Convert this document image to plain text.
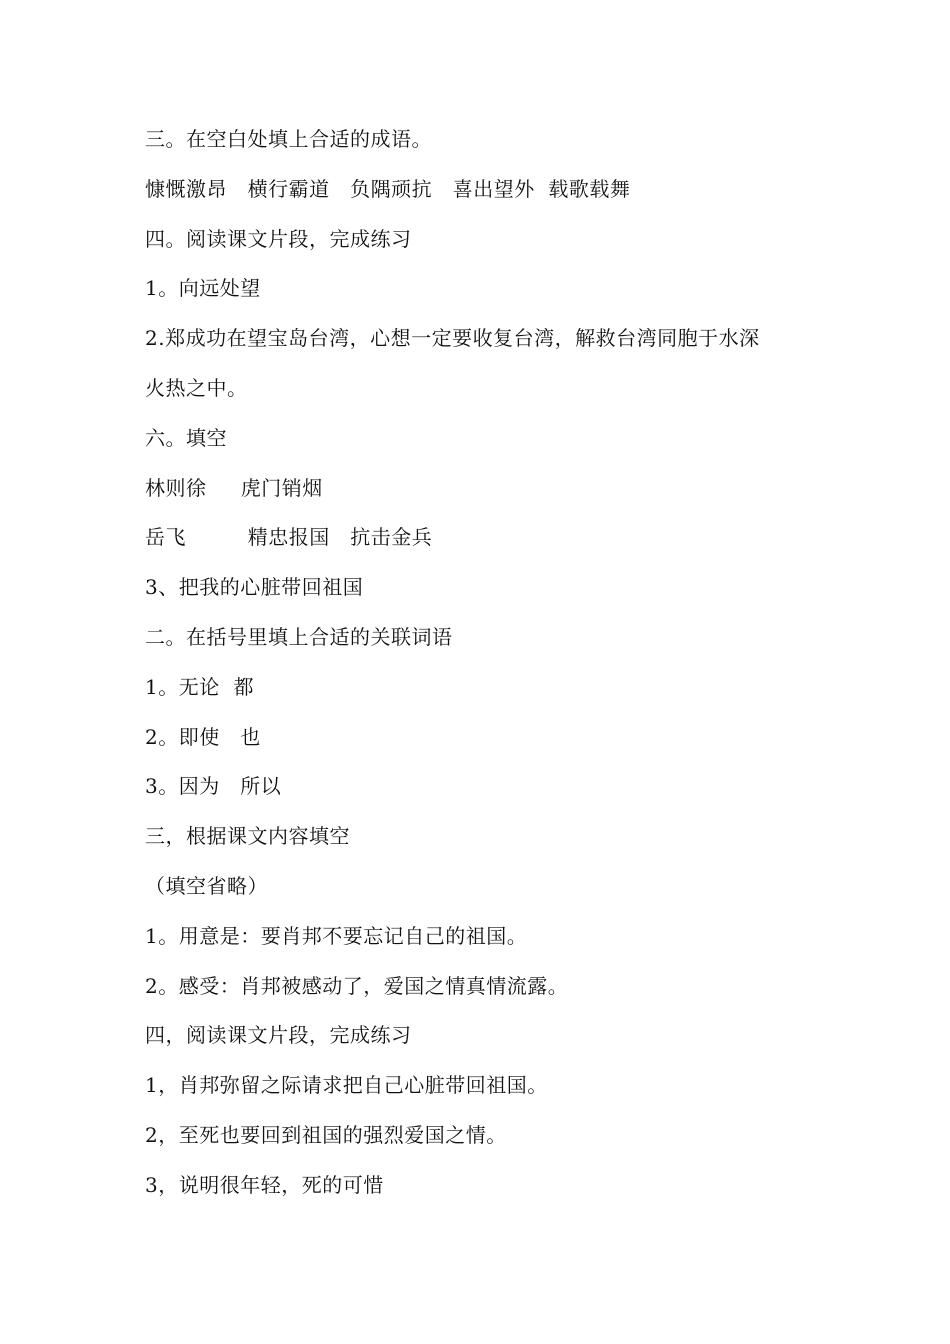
三。在空白处填上合适的成语。
慷慨激昂   横行霸道   负隅顽抗   喜出望外  载歌载舞
四。阅读课文片段，完成练习
1。向远处望
2.郑成功在望宝岛台湾，心想一定要收复台湾，解救台湾同胞于水深
火热之中。
六。填空
林则徐     虎门销烟
岳飞         精忠报国   抗击金兵
3、把我的心脏带回祖国
二。在括号里填上合适的关联词语
1。无论  都
2。即使   也
3。因为   所以
三，根据课文内容填空
（填空省略）
1。用意是：要肖邦不要忘记自己的祖国。
2。感受：肖邦被感动了，爱国之情真情流露。
四，阅读课文片段，完成练习
1，肖邦弥留之际请求把自己心脏带回祖国。
2，至死也要回到祖国的强烈爱国之情。
3，说明很年轻，死的可惜
